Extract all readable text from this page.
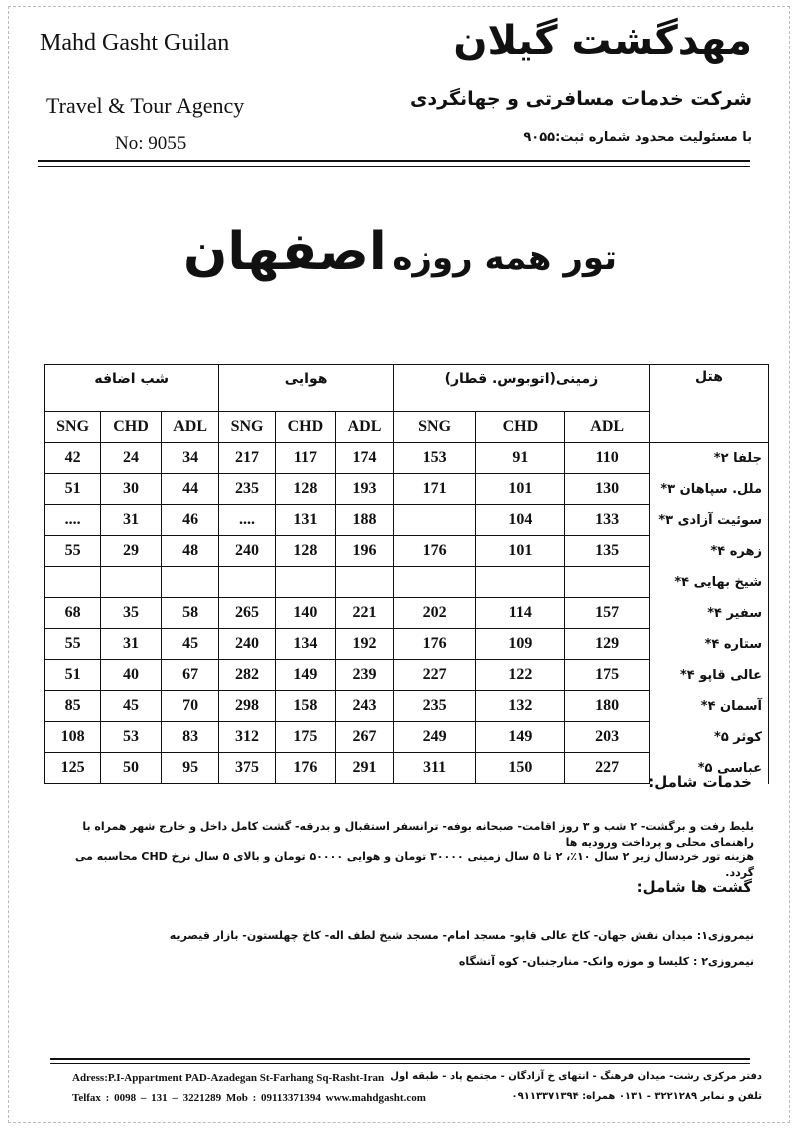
Mahd Gasht Guilan
Travel & Tour Agency
No: 9055
مهدگشت گیلان
شرکت خدمات مسافرتی و جهانگردی
با مسئولیت محدود شماره ثبت:۹۰۵۵
تور همه روزه اصفهان
هتل	زمینی(اتوبوس. قطار)			هوایی			شب اضافه		
	ADL	CHD	SNG	ADL	CHD	SNG	ADL	CHD	SNG
جلفا ۲*	110	91	153	174	117	217	34	24	42
ملل. سپاهان ۳*	130	101	171	193	128	235	44	30	51
سوئیت آزادی ۳*	133	104		188	131	....	46	31	....
زهره ۴*	135	101	176	196	128	240	48	29	55
شیخ بهایی ۴*									
سفیر ۴*	157	114	202	221	140	265	58	35	68
ستاره ۴*	129	109	176	192	134	240	45	31	55
عالی قاپو ۴*	175	122	227	239	149	282	67	40	51
آسمان ۴*	180	132	235	243	158	298	70	45	85
کوثر ۵*	203	149	249	267	175	312	83	53	108
عباسی ۵*	227	150	311	291	176	375	95	50	125
خدمات شامل:
بلیط رفت و برگشت- ۲ شب و ۳ روز اقامت- صبحانه بوفه- ترانسفر استقبال و بدرقه- گشت کامل داخل و خارج شهر همراه با راهنمای محلی و پرداخت ورودیه ها
هزینه تور خردسال زیر ۲ سال ۱۰٪، ۲ تا ۵ سال زمینی ۳۰۰۰۰ تومان و هوایی ۵۰۰۰۰ تومان و بالای ۵ سال نرخ CHD محاسبه می گردد.
گشت ها شامل:
نیمروزی۱: میدان نقش جهان- کاخ عالی قاپو- مسجد امام- مسجد شیخ لطف اله- کاخ چهلستون- بازار قیصریه
نیمروزی۲ : کلیسا و موزه وانک- منارجنبان- کوه آتشگاه
Adress:P.I-Appartment PAD-Azadegan St-Farhang Sq-Rasht-Iran
Telfax : 0098 – 131 – 3221289 Mob : 09113371394 www.mahdgasht.com
دفتر مرکزی رشت- میدان فرهنگ - انتهای خ آزادگان - مجتمع پاد - طبقه اول
تلفن و نمابر ۳۲۲۱۲۸۹ - ۰۱۳۱ همراه: ۰۹۱۱۳۳۷۱۳۹۴
